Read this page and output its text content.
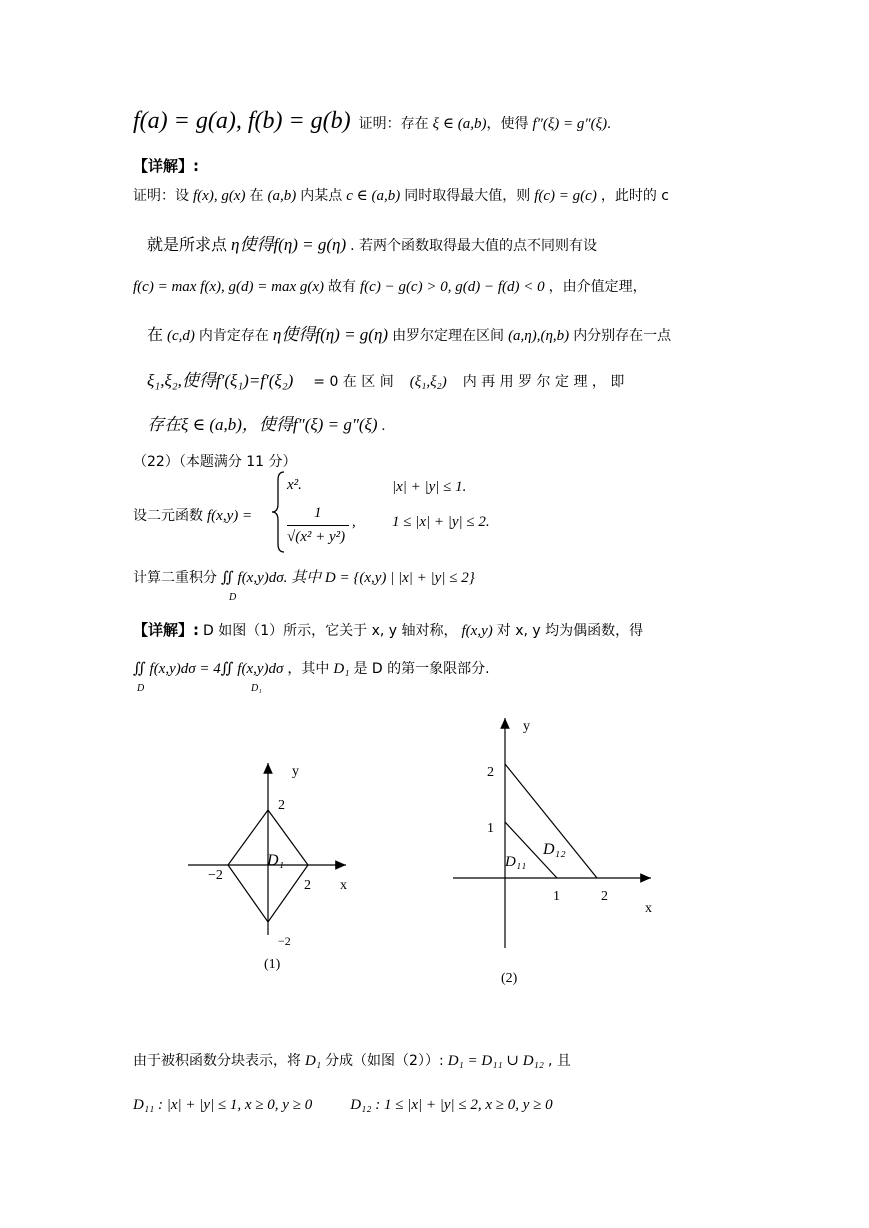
f(a) = g(a), f(b) = g(b) 证明：存在 ξ ∈ (a,b)，使得 f″(ξ) = g″(ξ).
【详解】:
证明：设 f(x), g(x) 在 (a,b) 内某点 c ∈ (a,b) 同时取得最大值，则 f(c) = g(c) ，此时的 c
就是所求点 η使得f(η) = g(η) . 若两个函数取得最大值的点不同则有设
f(c) = max f(x), g(d) = max g(x) 故有 f(c) − g(c) > 0, g(d) − f(d) < 0 ，由介值定理，
在 (c,d) 内肯定存在 η使得f(η) = g(η) 由罗尔定理在区间 (a,η),(η,b) 内分别存在一点
ξ₁,ξ₂,使得f′(ξ₁)=f′(ξ₂) = 0 在 区 间 (ξ₁,ξ₂) 内 再 用 罗 尔 定 理 ， 即
存在ξ ∈ (a,b)，使得f″(ξ) = g″(ξ) .
（22）（本题满分 11 分）
设二元函数 f(x,y) =
x².	|x| + |y| ≤ 1.
1
√(x² + y²)
, 1 ≤ |x| + |y| ≤ 2.
计算二重积分 ∬ f(x,y)dσ. 其中 D = {(x,y) | |x| + |y| ≤ 2}
D
【详解】: D 如图（1）所示，它关于 x, y 轴对称， f(x,y) 对 x, y 均为偶函数，得
∬ f(x,y)dσ = 4∬ f(x,y)dσ ，其中 D₁ 是 D 的第一象限部分.
D	D₁
y
x
2
2
−2
−2
D₁
(1)
y
x
2
1
1	2
D₁₁
D₁₂
(2)
由于被积函数分块表示，将 D₁ 分成（如图（2））: D₁ = D₁₁ ∪ D₁₂ , 且
D₁₁ : |x| + |y| ≤ 1, x ≥ 0, y ≥ 0	D₁₂ : 1 ≤ |x| + |y| ≤ 2, x ≥ 0, y ≥ 0
